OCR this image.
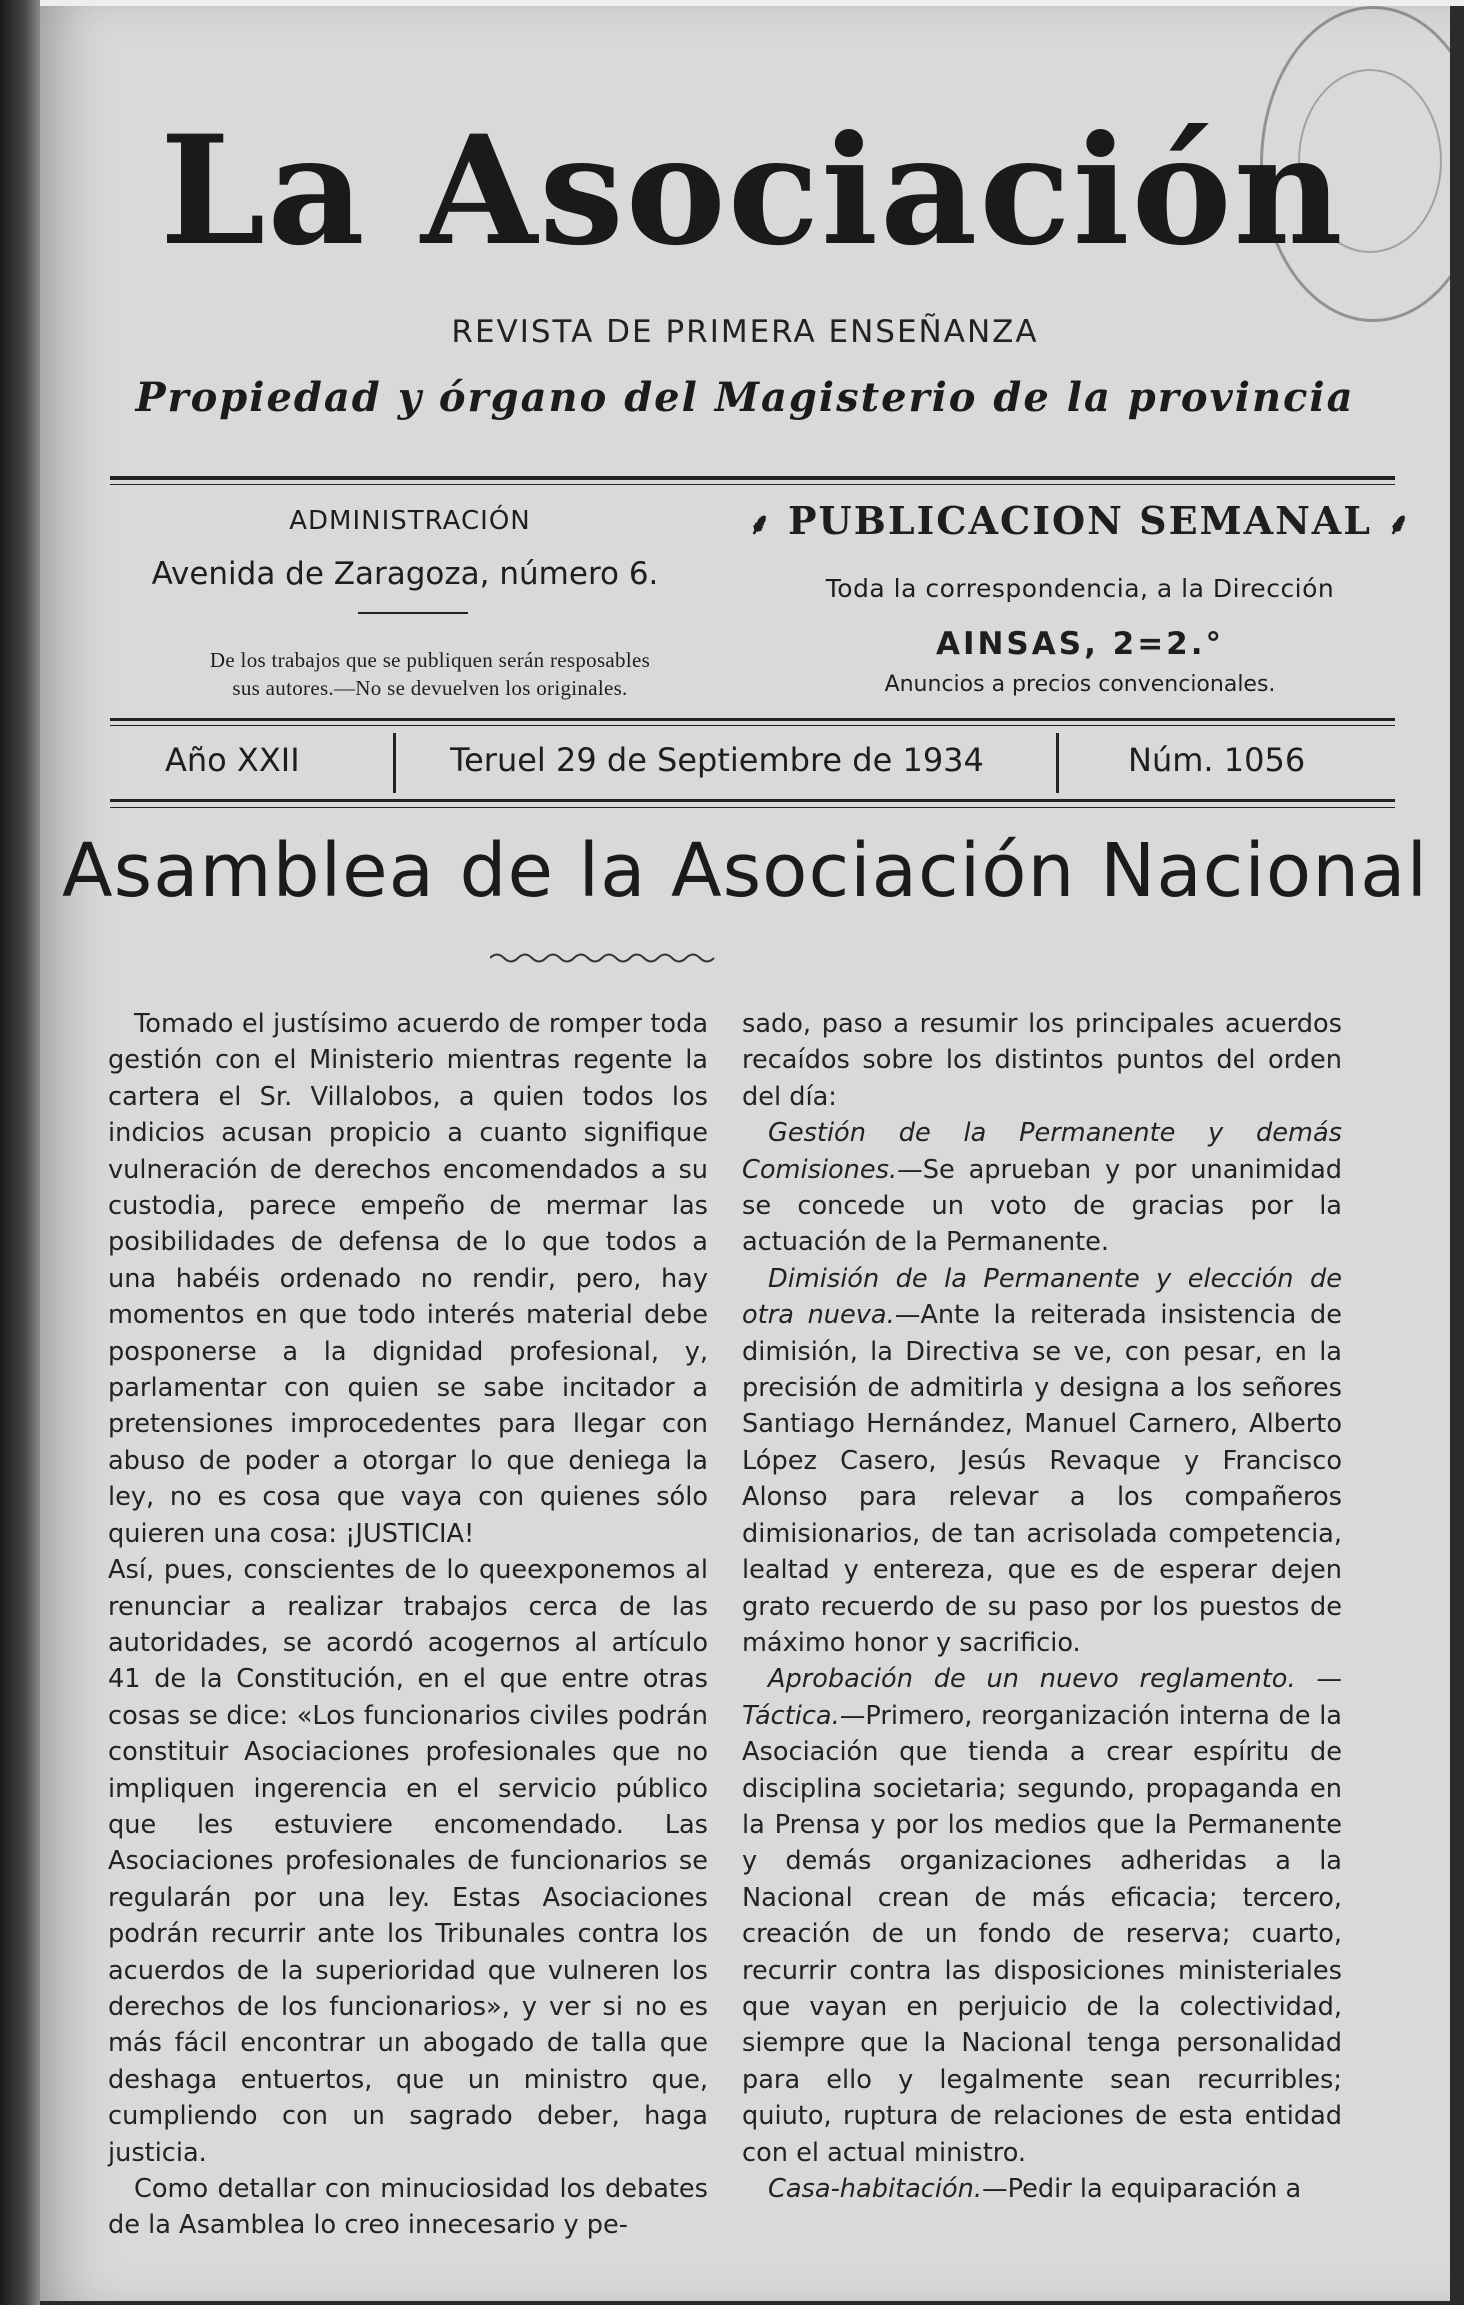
La Asociación
REVISTA DE PRIMERA ENSEÑANZA
Propiedad y órgano del Magisterio de la provincia
ADMINISTRACIÓN
Avenida de Zaragoza, número 6.
De los trabajos que se publiquen serán resposables
sus autores.—No se devuelven los originales.
⸙ PUBLICACION SEMANAL ⸙
Toda la correspondencia, a la Dirección
AINSAS, 2=2.°
Anuncios a precios convencionales.
Año XXII	Teruel 29 de Septiembre de 1934	Núm. 1056
Asamblea de la Asociación Nacional

Tomado el justísimo acuerdo de romper toda gestión con el Ministerio mientras regente la cartera el Sr. Villalobos, a quien todos los indicios acusan propicio a cuanto signifique vulneración de derechos encomendados a su custodia, parece empeño de mermar las posibilidades de defensa de lo que todos a una habéis ordenado no rendir, pero, hay momentos en que todo interés material debe posponerse a la dignidad profesional, y, parlamentar con quien se sabe incitador a pretensiones improcedentes para llegar con abuso de poder a otorgar lo que deniega la ley, no es cosa que vaya con quienes sólo quieren una cosa: ¡JUSTICIA!

Así, pues, conscientes de lo queexponemos al renunciar a realizar trabajos cerca de las autoridades, se acordó acogernos al artículo 41 de la Constitución, en el que entre otras cosas se dice: «Los funcionarios civiles podrán constituir Asociaciones profesionales que no impliquen ingerencia en el servicio público que les estuviere encomendado. Las Asociaciones profesionales de funcionarios se regularán por una ley. Estas Asociaciones podrán recurrir ante los Tribunales contra los acuerdos de la superioridad que vulneren los derechos de los funcionarios», y ver si no es más fácil encontrar un abogado de talla que deshaga entuertos, que un ministro que, cumpliendo con un sagrado deber, haga justicia.

Como detallar con minuciosidad los debates de la Asamblea lo creo innecesario y pe-

sado, paso a resumir los principales acuerdos recaídos sobre los distintos puntos del orden del día:

Gestión de la Permanente y demás Comisiones.—Se aprueban y por unanimidad se concede un voto de gracias por la actuación de la Permanente.

Dimisión de la Permanente y elección de otra nueva.—Ante la reiterada insistencia de dimisión, la Directiva se ve, con pesar, en la precisión de admitirla y designa a los señores Santiago Hernández, Manuel Carnero, Alberto López Casero, Jesús Revaque y Francisco Alonso para relevar a los compañeros dimisionarios, de tan acrisolada competencia, lealtad y entereza, que es de esperar dejen grato recuerdo de su paso por los puestos de máximo honor y sacrificio.

Aprobación de un nuevo reglamento. — Táctica.—Primero, reorganización interna de la Asociación que tienda a crear espíritu de disciplina societaria; segundo, propaganda en la Prensa y por los medios que la Permanente y demás organizaciones adheridas a la Nacional crean de más eficacia; tercero, creación de un fondo de reserva; cuarto, recurrir contra las disposiciones ministeriales que vayan en perjuicio de la colectividad, siempre que la Nacional tenga personalidad para ello y legalmente sean recurribles; quiuto, ruptura de relaciones de esta entidad con el actual ministro.

Casa-habitación.—Pedir la equiparación a
